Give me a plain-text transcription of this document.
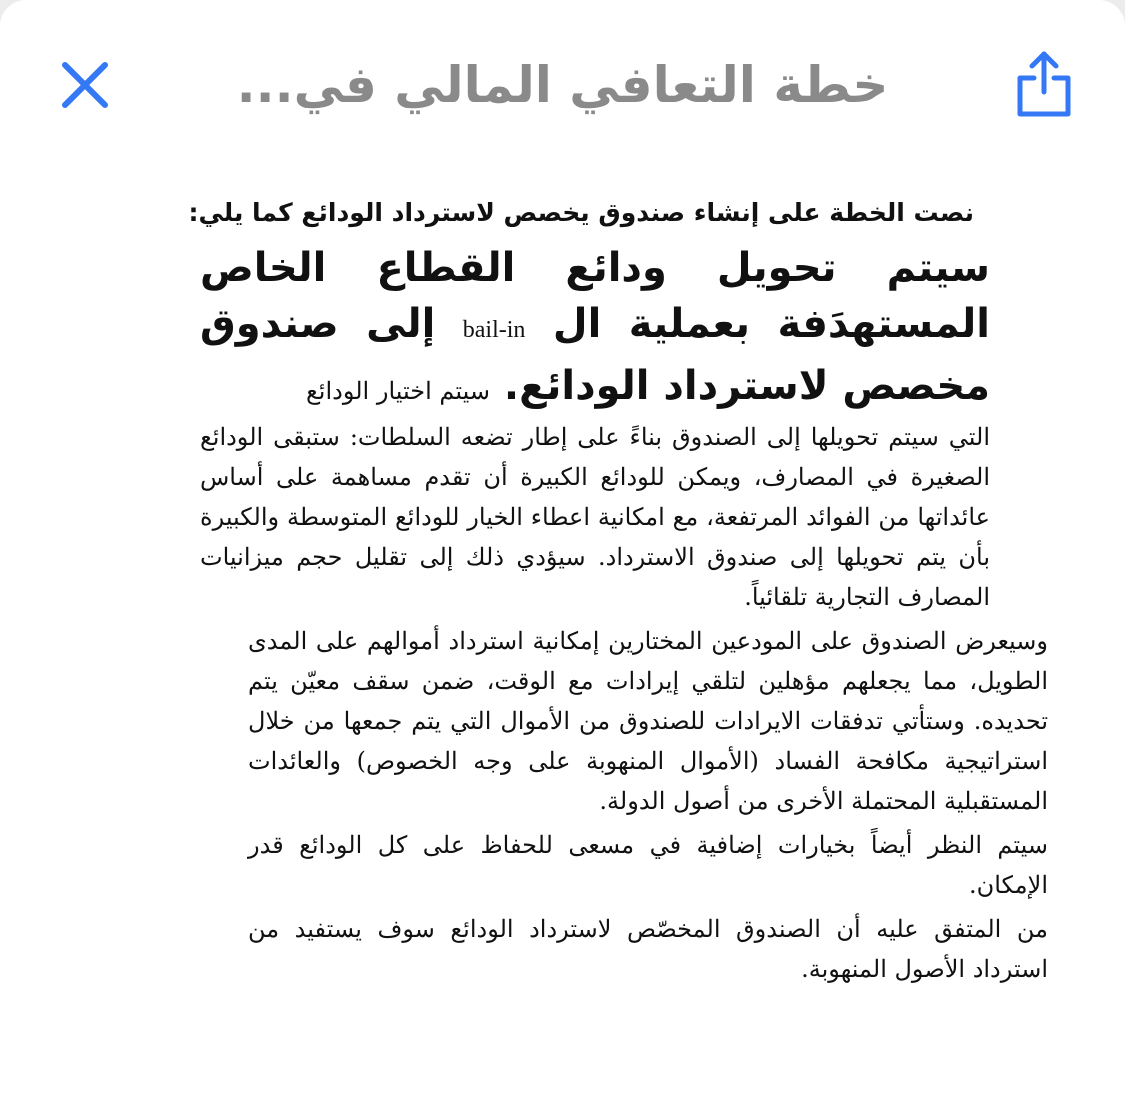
خطة التعافي المالي في...

نصت الخطة على إنشاء صندوق يخصص لاسترداد الودائع كما يلي:

سيتم تحويل ودائع القطاع الخاص المستهدَفة بعملية ال bail-in إلى صندوق مخصص لاسترداد الودائع. سيتم اختيار الودائع

التي سيتم تحويلها إلى الصندوق بناءً على إطار تضعه السلطات: ستبقى الودائع الصغيرة في المصارف، ويمكن للودائع الكبيرة أن تقدم مساهمة على أساس عائداتها من الفوائد المرتفعة، مع امكانية اعطاء الخيار للودائع المتوسطة والكبيرة بأن يتم تحويلها إلى صندوق الاسترداد. سيؤدي ذلك إلى تقليل حجم ميزانيات المصارف التجارية تلقائياً.

وسيعرض الصندوق على المودعين المختارين إمكانية استرداد أموالهم على المدى الطويل، مما يجعلهم مؤهلين لتلقي إيرادات مع الوقت، ضمن سقف معيّن يتم تحديده. وستأتي تدفقات الايرادات للصندوق من الأموال التي يتم جمعها من خلال استراتيجية مكافحة الفساد (الأموال المنهوبة على وجه الخصوص) والعائدات المستقبلية المحتملة الأخرى من أصول الدولة.

سيتم النظر أيضاً بخيارات إضافية في مسعى للحفاظ على كل الودائع قدر الإمكان.

من المتفق عليه أن الصندوق المخصّص لاسترداد الودائع سوف يستفيد من استرداد الأصول المنهوبة.
